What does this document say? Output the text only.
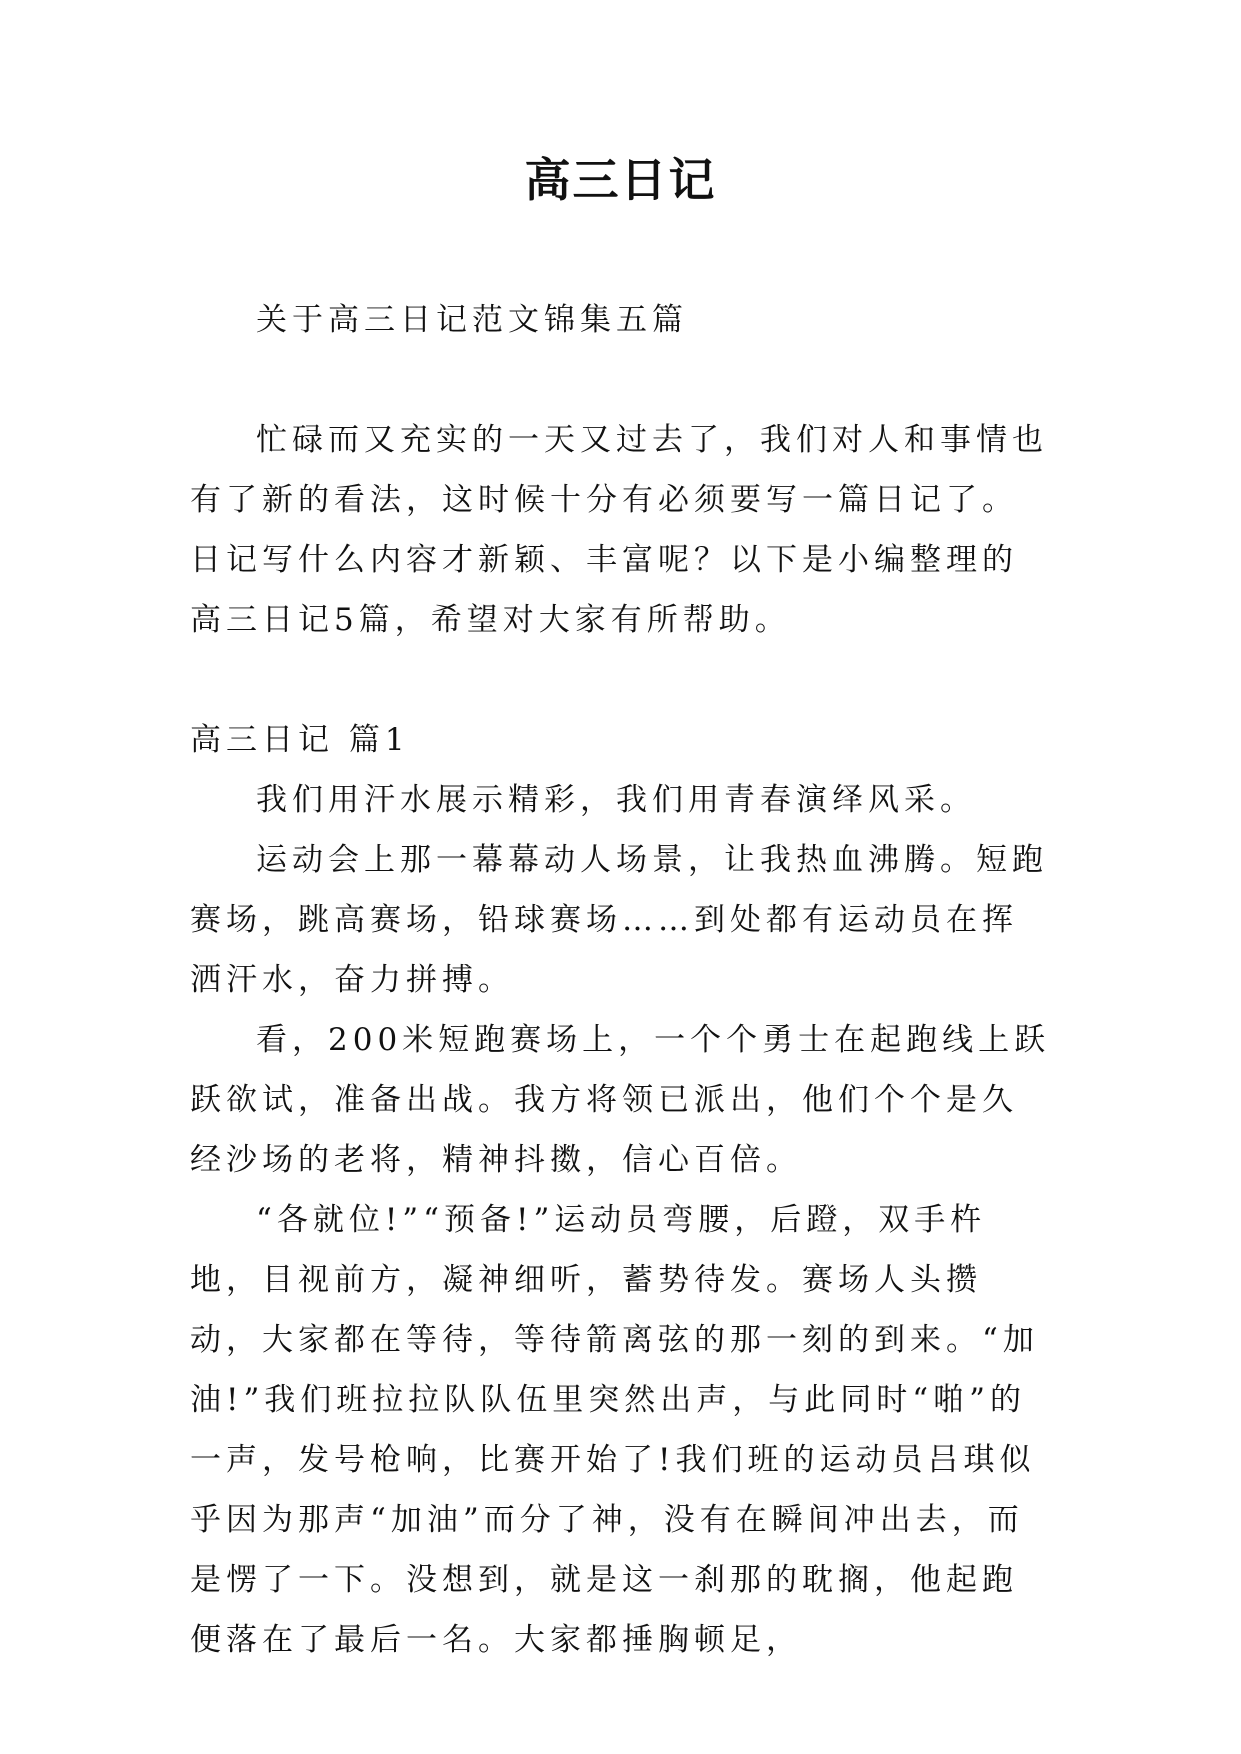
高三日记

关于高三日记范文锦集五篇

忙碌而又充实的一天又过去了，我们对人和事情也有了新的看法，这时候十分有必须要写一篇日记了。日记写什么内容才新颖、丰富呢？以下是小编整理的高三日记5篇，希望对大家有所帮助。

高三日记 篇1

我们用汗水展示精彩，我们用青春演绎风采。

运动会上那一幕幕动人场景，让我热血沸腾。短跑赛场，跳高赛场，铅球赛场……到处都有运动员在挥洒汗水，奋力拼搏。

看，200米短跑赛场上，一个个勇士在起跑线上跃跃欲试，准备出战。我方将领已派出，他们个个是久经沙场的老将，精神抖擞，信心百倍。

“各就位!”“预备!”运动员弯腰，后蹬，双手杵地，目视前方，凝神细听，蓄势待发。赛场人头攒动，大家都在等待，等待箭离弦的那一刻的到来。“加油!”我们班拉拉队队伍里突然出声，与此同时“啪”的一声，发号枪响，比赛开始了!我们班的运动员吕琪似乎因为那声“加油”而分了神，没有在瞬间冲出去，而是愣了一下。没想到，就是这一刹那的耽搁，他起跑便落在了最后一名。大家都捶胸顿足，
